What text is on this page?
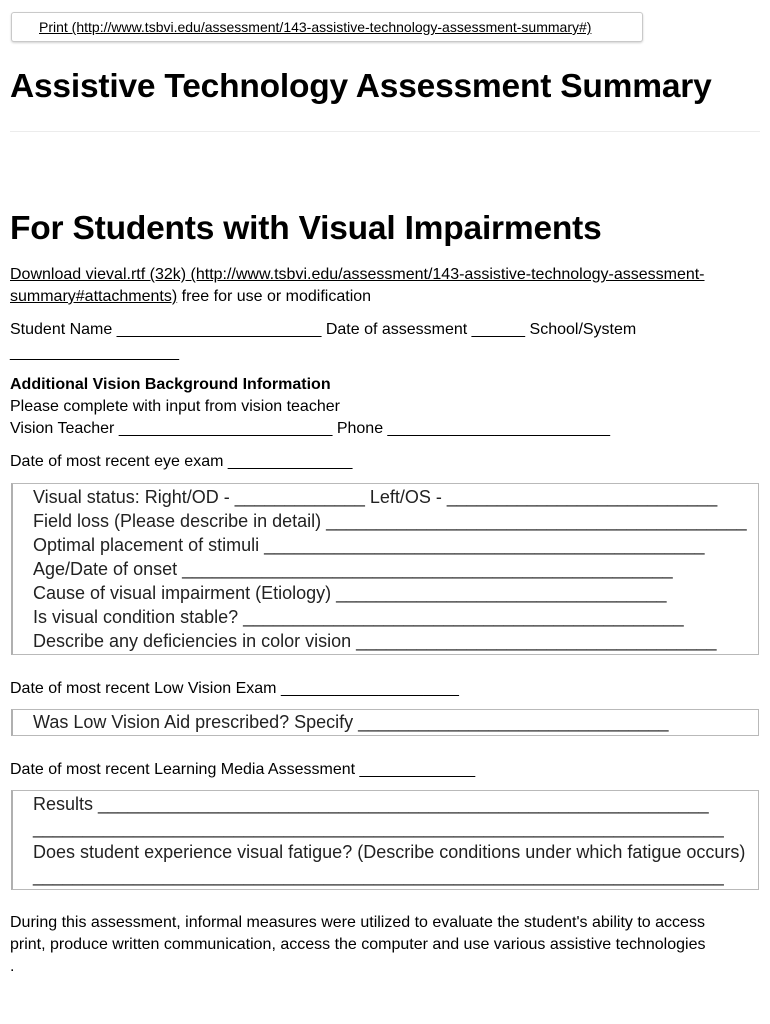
Print (http://www.tsbvi.edu/assessment/143-assistive-technology-assessment-summary#)
Assistive Technology Assessment Summary
For Students with Visual Impairments
Download vieval.rtf (32k) (http://www.tsbvi.edu/assessment/143-assistive-technology-assessment-
summary#attachments) free for use or modification
Student Name _______________________ Date of assessment ______ School/System
___________________
Additional Vision Background Information
Please complete with input from vision teacher
Vision Teacher ________________________ Phone _________________________
Date of most recent eye exam ______________
Visual status: Right/OD - _____________ Left/OS - ___________________________
Field loss (Please describe in detail) __________________________________________
Optimal placement of stimuli ____________________________________________
Age/Date of onset _________________________________________________
Cause of visual impairment (Etiology) _________________________________
Is visual condition stable? ____________________________________________
Describe any deficiencies in color vision ____________________________________
Date of most recent Low Vision Exam ____________________
Was Low Vision Aid prescribed? Specify _______________________________
Date of most recent Learning Media Assessment _____________
Results _____________________________________________________________
_____________________________________________________________________
Does student experience visual fatigue? (Describe conditions under which fatigue occurs)
_____________________________________________________________________
During this assessment, informal measures were utilized to evaluate the student's ability to access
print, produce written communication, access the computer and use various assistive technologies
.
